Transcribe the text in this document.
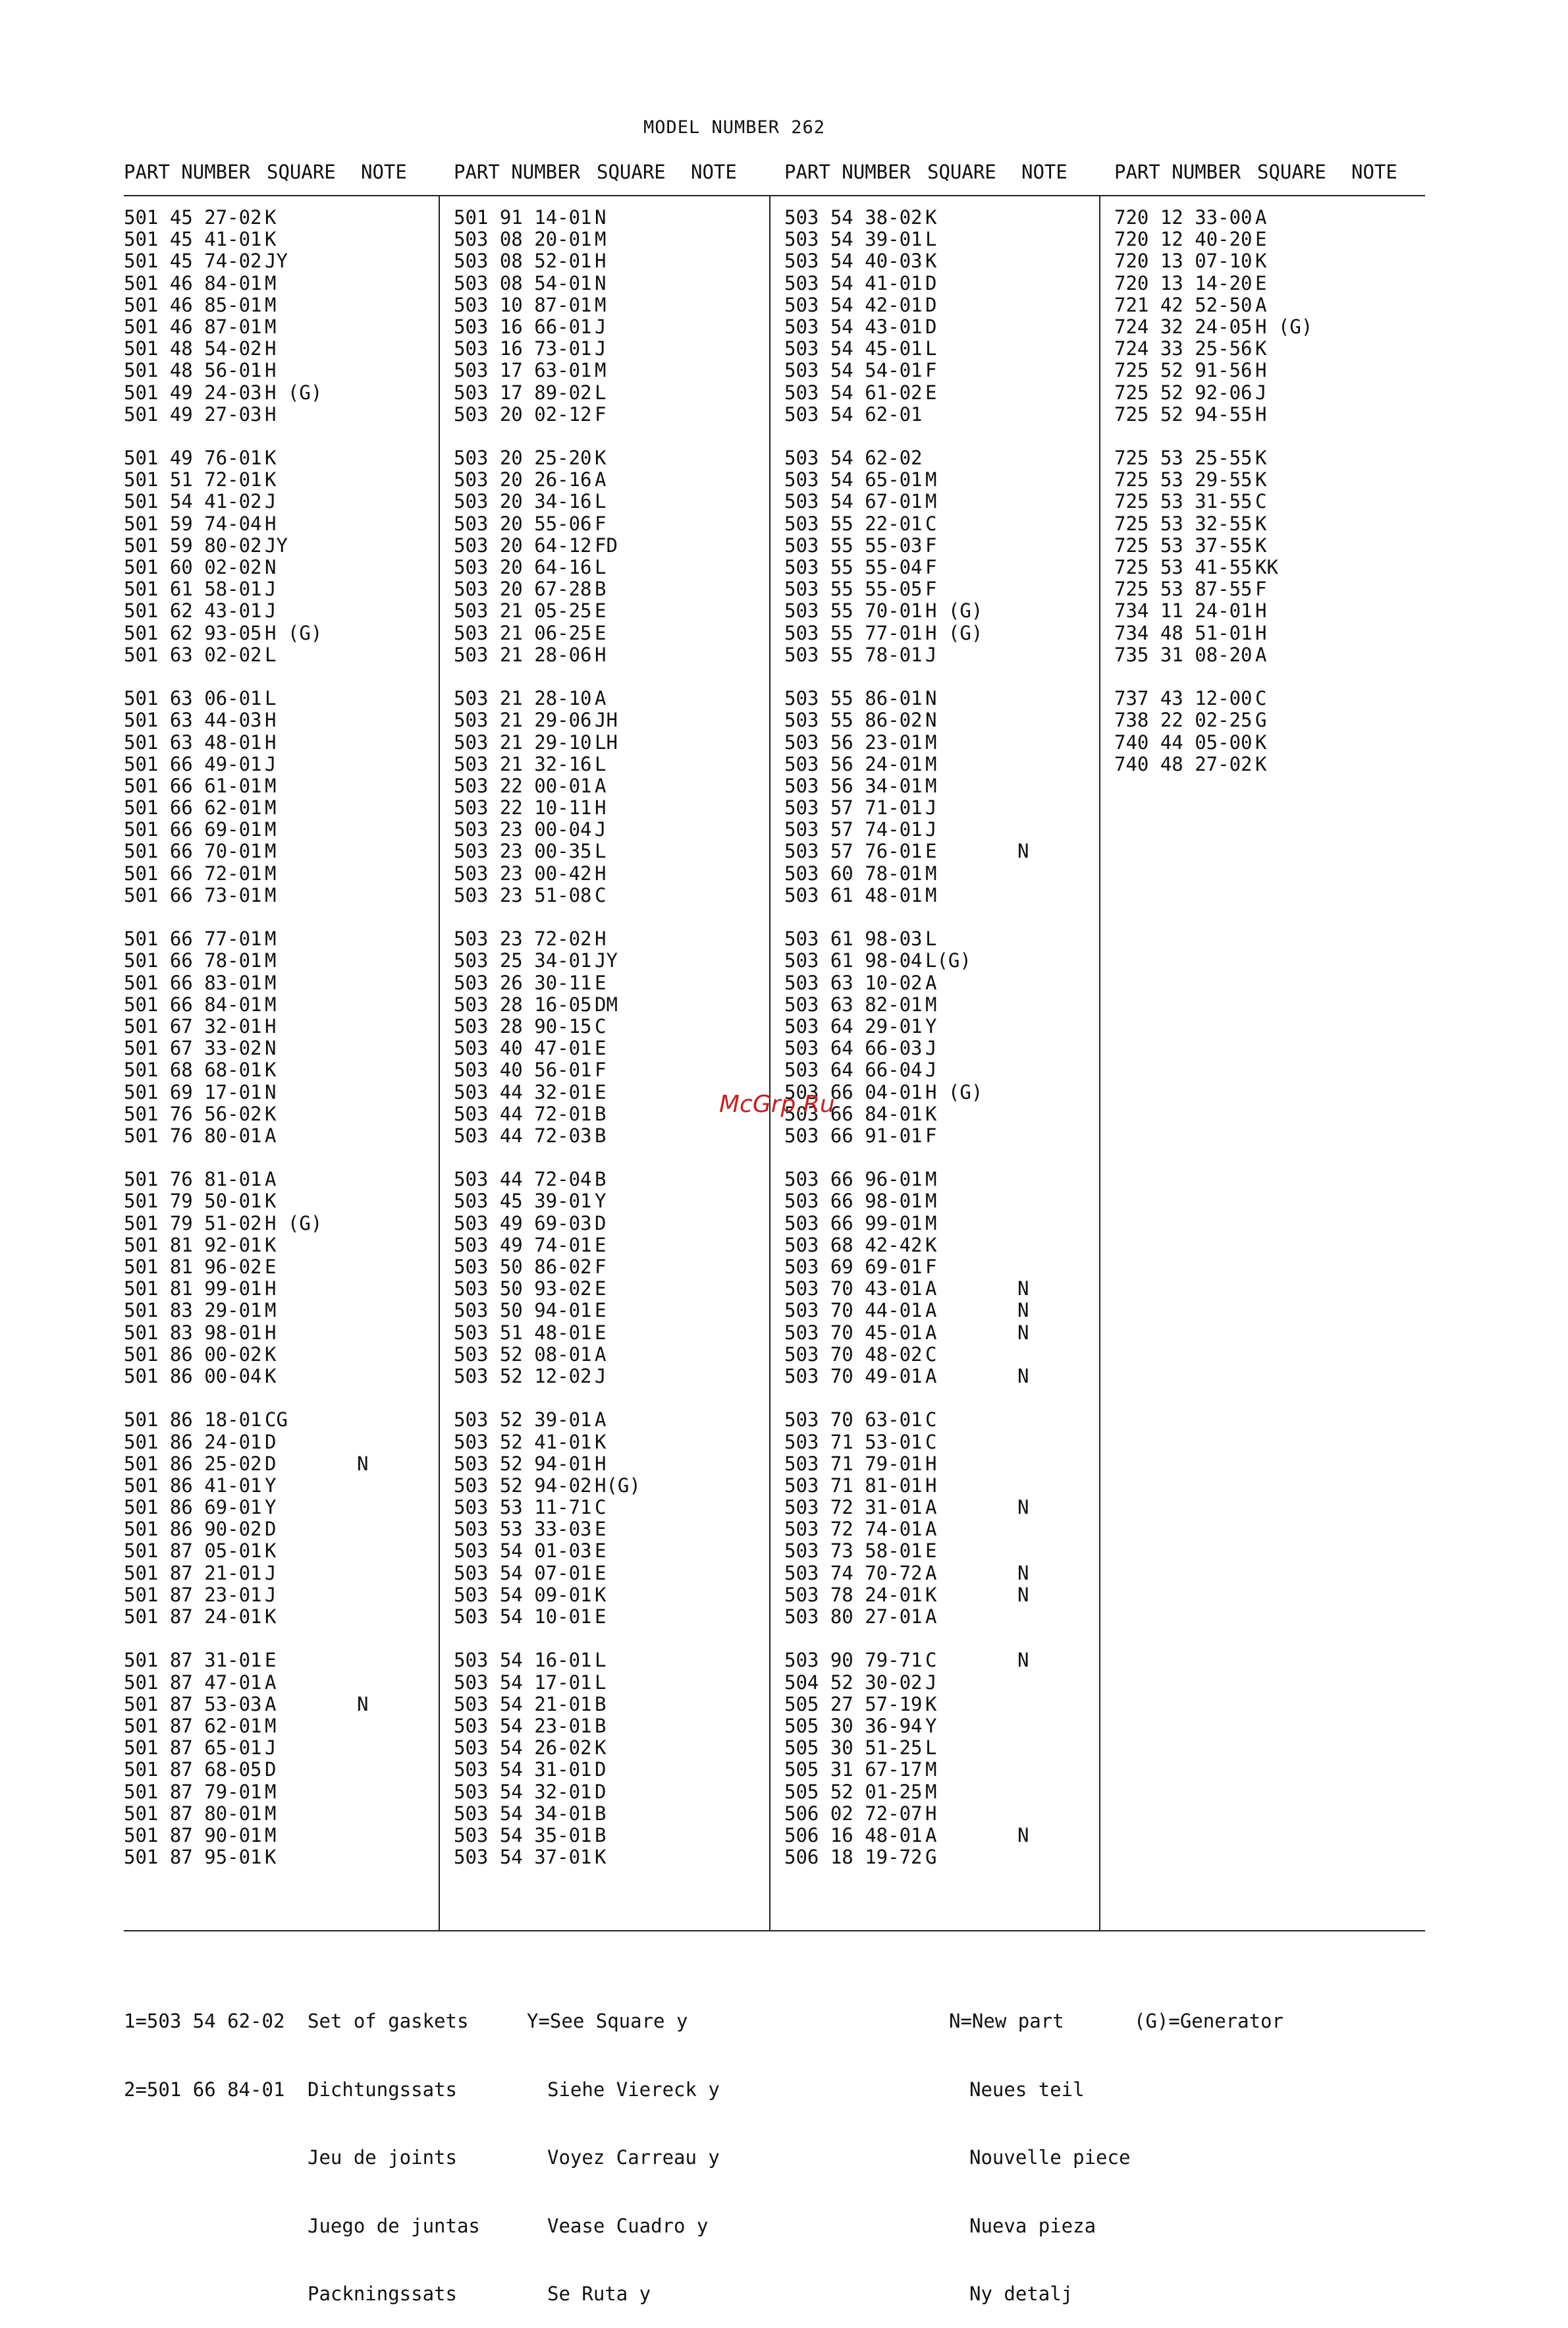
MODEL NUMBER 262
PART NUMBER SQUARE NOTE PART NUMBER SQUARE NOTE PART NUMBER SQUARE NOTE PART NUMBER SQUARE NOTE
501 45 27-02 K
501 45 41-01 K
501 45 74-02 JY
501 46 84-01 M
501 46 85-01 M
501 46 87-01 M
501 48 54-02 H
501 48 56-01 H
501 49 24-03 H (G)
501 49 27-03 H
501 49 76-01 K
501 51 72-01 K
501 54 41-02 J
501 59 74-04 H
501 59 80-02 JY
501 60 02-02 N
501 61 58-01 J
501 62 43-01 J
501 62 93-05 H (G)
501 63 02-02 L
501 63 06-01 L
501 63 44-03 H
501 63 48-01 H
501 66 49-01 J
501 66 61-01 M
501 66 62-01 M
501 66 69-01 M
501 66 70-01 M
501 66 72-01 M
501 66 73-01 M
501 66 77-01 M
501 66 78-01 M
501 66 83-01 M
501 66 84-01 M
501 67 32-01 H
501 67 33-02 N
501 68 68-01 K
501 69 17-01 N
501 76 56-02 K
501 76 80-01 A
501 76 81-01 A
501 79 50-01 K
501 79 51-02 H (G)
501 81 92-01 K
501 81 96-02 E
501 81 99-01 H
501 83 29-01 M
501 83 98-01 H
501 86 00-02 K
501 86 00-04 K
501 86 18-01 CG
501 86 24-01 D
501 86 25-02 D	N
501 86 41-01 Y
501 86 69-01 Y
501 86 90-02 D
501 87 05-01 K
501 87 21-01 J
501 87 23-01 J
501 87 24-01 K
501 87 31-01 E
501 87 47-01 A
501 87 53-03 A	N
501 87 62-01 M
501 87 65-01 J
501 87 68-05 D
501 87 79-01 M
501 87 80-01 M
501 87 90-01 M
501 87 95-01 K
501 91 14-01 N
503 08 20-01 M
503 08 52-01 H
503 08 54-01 N
503 10 87-01 M
503 16 66-01 J
503 16 73-01 J
503 17 63-01 M
503 17 89-02 L
503 20 02-12 F
503 20 25-20 K
503 20 26-16 A
503 20 34-16 L
503 20 55-06 F
503 20 64-12 FD
503 20 64-16 L
503 20 67-28 B
503 21 05-25 E
503 21 06-25 E
503 21 28-06 H
503 21 28-10 A
503 21 29-06 JH
503 21 29-10 LH
503 21 32-16 L
503 22 00-01 A
503 22 10-11 H
503 23 00-04 J
503 23 00-35 L
503 23 00-42 H
503 23 51-08 C
503 23 72-02 H
503 25 34-01 JY
503 26 30-11 E
503 28 16-05 DM
503 28 90-15 C
503 40 47-01 E
503 40 56-01 F
503 44 32-01 E
503 44 72-01 B
503 44 72-03 B
503 44 72-04 B
503 45 39-01 Y
503 49 69-03 D
503 49 74-01 E
503 50 86-02 F
503 50 93-02 E
503 50 94-01 E
503 51 48-01 E
503 52 08-01 A
503 52 12-02 J
503 52 39-01 A
503 52 41-01 K
503 52 94-01 H
503 52 94-02 H(G)
503 53 11-71 C
503 53 33-03 E
503 54 01-03 E
503 54 07-01 E
503 54 09-01 K
503 54 10-01 E
503 54 16-01 L
503 54 17-01 L
503 54 21-01 B
503 54 23-01 B
503 54 26-02 K
503 54 31-01 D
503 54 32-01 D
503 54 34-01 B
503 54 35-01 B
503 54 37-01 K
503 54 38-02 K
503 54 39-01 L
503 54 40-03 K
503 54 41-01 D
503 54 42-01 D
503 54 43-01 D
503 54 45-01 L
503 54 54-01 F
503 54 61-02 E
503 54 62-01
503 54 62-02
503 54 65-01 M
503 54 67-01 M
503 55 22-01 C
503 55 55-03 F
503 55 55-04 F
503 55 55-05 F
503 55 70-01 H (G)
503 55 77-01 H (G)
503 55 78-01 J
503 55 86-01 N
503 55 86-02 N
503 56 23-01 M
503 56 24-01 M
503 56 34-01 M
503 57 71-01 J
503 57 74-01 J
503 57 76-01 E	N
503 60 78-01 M
503 61 48-01 M
503 61 98-03 L
503 61 98-04 L(G)
503 63 10-02 A
503 63 82-01 M
503 64 29-01 Y
503 64 66-03 J
503 64 66-04 J
503 66 04-01 H (G)
503 66 84-01 K
503 66 91-01 F
503 66 96-01 M
503 66 98-01 M
503 66 99-01 M
503 68 42-42 K
503 69 69-01 F
503 70 43-01 A	N
503 70 44-01 A	N
503 70 45-01 A	N
503 70 48-02 C
503 70 49-01 A	N
503 70 63-01 C
503 71 53-01 C
503 71 79-01 H
503 71 81-01 H
503 72 31-01 A	N
503 72 74-01 A
503 73 58-01 E
503 74 70-72 A	N
503 78 24-01 K	N
503 80 27-01 A
503 90 79-71 C	N
504 52 30-02 J
505 27 57-19 K
505 30 36-94 Y
505 30 51-25 L
505 31 67-17 M
505 52 01-25 M
506 02 72-07 H
506 16 48-01 A	N
506 18 19-72 G
720 12 33-00 A
720 12 40-20 E
720 13 07-10 K
720 13 14-20 E
721 42 52-50 A
724 32 24-05 H (G)
724 33 25-56 K
725 52 91-56 H
725 52 92-06 J
725 52 94-55 H
725 53 25-55 K
725 53 29-55 K
725 53 31-55 C
725 53 32-55 K
725 53 37-55 K
725 53 41-55 KK
725 53 87-55 F
734 11 24-01 H
734 48 51-01 H
735 31 08-20 A
737 43 12-00 C
738 22 02-25 G
740 44 05-00 K
740 48 27-02 K
McGrp.Ru

1=503 54 62-02

2=501 66 84-01

Set of gaskets

Dichtungssats

Jeu de joints

Juego de juntas

Packningssats

Y=See Square y

Siehe Viereck y

Voyez Carreau y

Vease Cuadro y

Se Ruta y

N=New part

Neues teil

Nouvelle piece

Nueva pieza

Ny detalj

(G)=Generator
